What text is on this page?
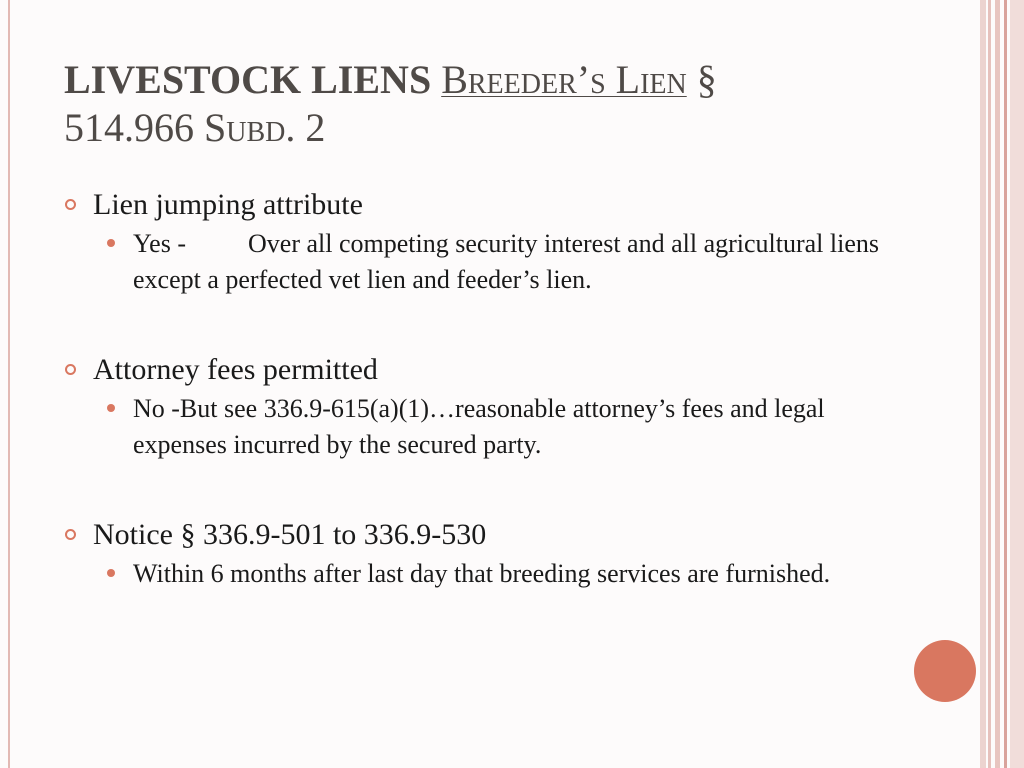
LIVESTOCK LIENS Breeder’s Lien §
514.966 Subd. 2
Lien jumping attribute
Yes - Over all competing security interest and all agricultural liens except a perfected vet lien and feeder’s lien.
Attorney fees permitted
No -But see 336.9-615(a)(1)…reasonable attorney’s fees and legal expenses incurred by the secured party.
Notice § 336.9-501 to 336.9-530
Within 6 months after last day that breeding services are furnished.
